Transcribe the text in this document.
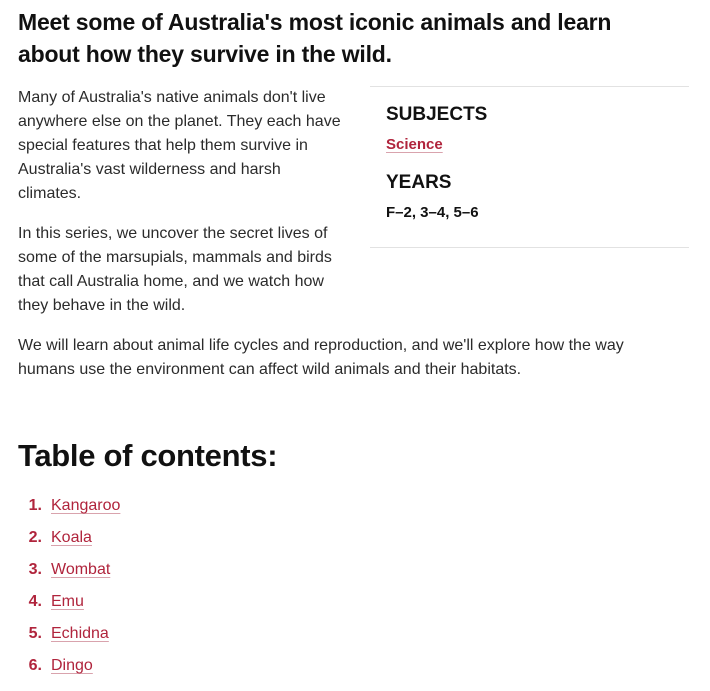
Meet some of Australia's most iconic animals and learn about how they survive in the wild.

Many of Australia's native animals don't live anywhere else on the planet. They each have special features that help them survive in Australia's vast wilderness and harsh climates.

In this series, we uncover the secret lives of some of the marsupials, mammals and birds that call Australia home, and we watch how they behave in the wild.

SUBJECTS
Science
YEARS
F–2, 3–4, 5–6

We will learn about animal life cycles and reproduction, and we'll explore how the way humans use the environment can affect wild animals and their habitats.

Table of contents:
1. Kangaroo
2. Koala
3. Wombat
4. Emu
5. Echidna
6. Dingo
